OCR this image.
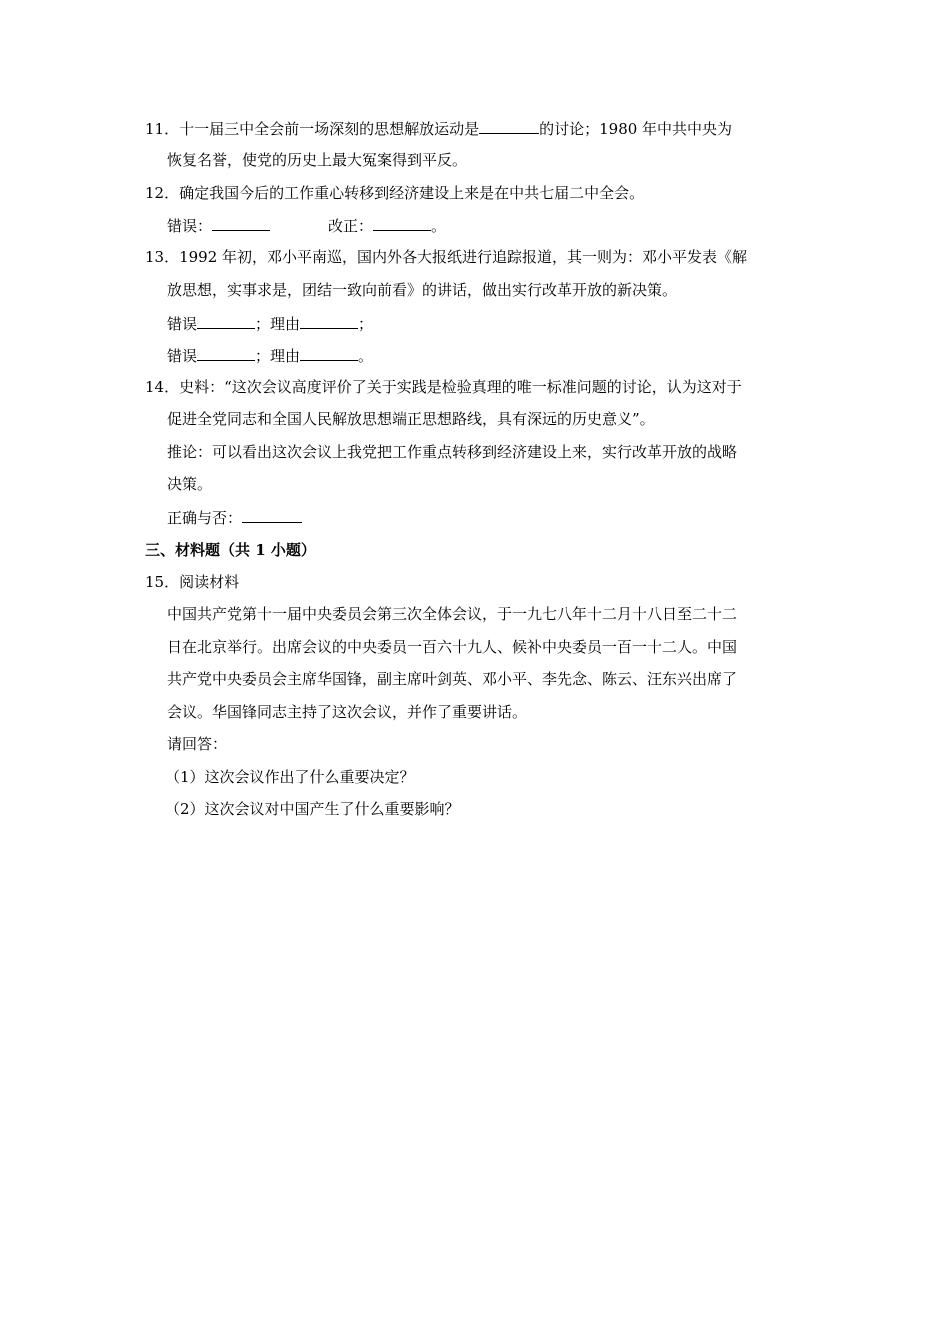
11．十一届三中全会前一场深刻的思想解放运动是	的讨论；1980 年中共中央为
恢复名誉，使党的历史上最大冤案得到平反。
12．确定我国今后的工作重心转移到经济建设上来是在中共七届二中全会。
错误：	改正：	。
13．1992 年初，邓小平南巡，国内外各大报纸进行追踪报道，其一则为：邓小平发表《解
放思想，实事求是，团结一致向前看》的讲话，做出实行改革开放的新决策。
错误	；理由	；
错误	；理由	。
14．史料：“这次会议高度评价了关于实践是检验真理的唯一标准问题的讨论，认为这对于
促进全党同志和全国人民解放思想端正思想路线，具有深远的历史意义”。
推论：可以看出这次会议上我党把工作重点转移到经济建设上来，实行改革开放的战略
决策。
正确与否：
三、材料题（共 1 小题）
15．阅读材料
中国共产党第十一届中央委员会第三次全体会议，于一九七八年十二月十八日至二十二
日在北京举行。出席会议的中央委员一百六十九人、候补中央委员一百一十二人。中国
共产党中央委员会主席华国锋，副主席叶剑英、邓小平、李先念、陈云、汪东兴出席了
会议。华国锋同志主持了这次会议，并作了重要讲话。
请回答：
（1）这次会议作出了什么重要决定？
（2）这次会议对中国产生了什么重要影响？
